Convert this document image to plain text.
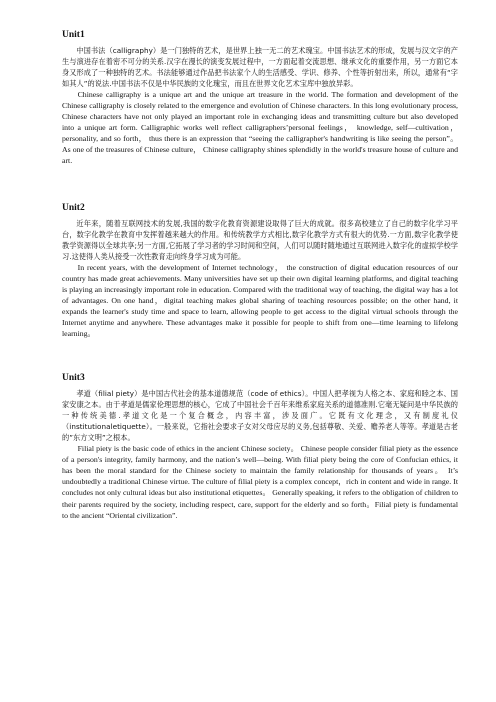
Unit1

中国书法（calligraphy）是一门独特的艺术，是世界上独一无二的艺术瑰宝。中国书法艺术的形成，发展与汉文字的产生与演进存在着密不可分的关系.汉字在漫长的演变发展过程中，一方面起着交流思想、继承文化的重要作用，另一方面它本身又形成了一种独特的艺术。书法能够通过作品把书法家个人的生活感受、学识、修养、个性等折射出来，所以，通常有“字如其人”的说法.中国书法不仅是中华民族的文化瑰宝，而且在世界文化艺术宝库中独放异彩。

Chinese calligraphy is a unique art and the unique art treasure in the world. The formation and development of the Chinese calligraphy is closely related to the emergence and evolution of Chinese characters. In this long evolutionary process, Chinese characters have not only played an important role in exchanging ideas and transmitting culture but also developed into a unique art form. Calligraphic works well reflect calligraphers’personal feelings， knowledge, self—cultivation， personality, and so forth， thus there is an expression that “seeing the calligrapher's handwriting is like seeing the person”。As one of the treasures of Chinese culture， Chinese calligraphy shines splendidly in the world's treasure house of culture and art.

Unit2

近年来，随着互联网技术的发展,我国的数字化教育资源建设取得了巨大的成就。很多高校建立了自己的数字化学习平台，数字化教学在教育中发挥着越来越大的作用。和传统教学方式相比,数字化教学方式有很大的优势.一方面,数字化教学使教学资源得以全球共享;另一方面,它拓展了学习者的学习时间和空间，人们可以随时随地通过互联网进入数字化的虚拟学校学习.这使得人类从接受一次性教育走向终身学习成为可能。

In recent years, with the development of Internet technology， the construction of digital education resources of our country has made great achievements. Many universities have set up their own digital learning platforms, and digital teaching is playing an increasingly important role in education. Compared with the traditional way of teaching, the digital way has a lot of advantages. On one hand，digital teaching makes global sharing of teaching resources possible; on the other hand, it expands the learner's study time and space to learn, allowing people to get access to the digital virtual schools through the Internet anytime and anywhere. These advantages make it possible for people to shift from one—time learning to lifelong learning。

Unit3

孝道（filial piety）是中国古代社会的基本道德规范（code of ethics）。中国人把孝视为人格之本、家庭和睦之本、国家安康之本。由于孝道是儒家伦理思想的核心，它成了中国社会千百年来维系家庭关系的道德准则.它毫无疑问是中华民族的一种传统美德.孝道文化是一个复合概念，内容丰富，涉及面广。它既有文化理念，又有制度礼仪（institutionaletiquette）。一般来说，它指社会要求子女对父母应尽的义务,包括尊敬、关爱、赡养老人等等。孝道是古老的”东方文明”之根本。

Filial piety is the basic code of ethics in the ancient Chinese society。 Chinese people consider filial piety as the essence of a person's integrity, family harmony, and the nation’s well—being. With filial piety being the core of Confucian ethics, it has been the moral standard for the Chinese society to maintain the family relationship for thousands of years。 It’s undoubtedly a traditional Chinese virtue. The culture of filial piety is a complex concept，rich in content and wide in range. It concludes not only cultural ideas but also institutional etiquettes。 Generally speaking, it refers to the obligation of children to their parents required by the society, including respect, care, support for the elderly and so forth。Filial piety is fundamental to the ancient “Oriental civilization”.
